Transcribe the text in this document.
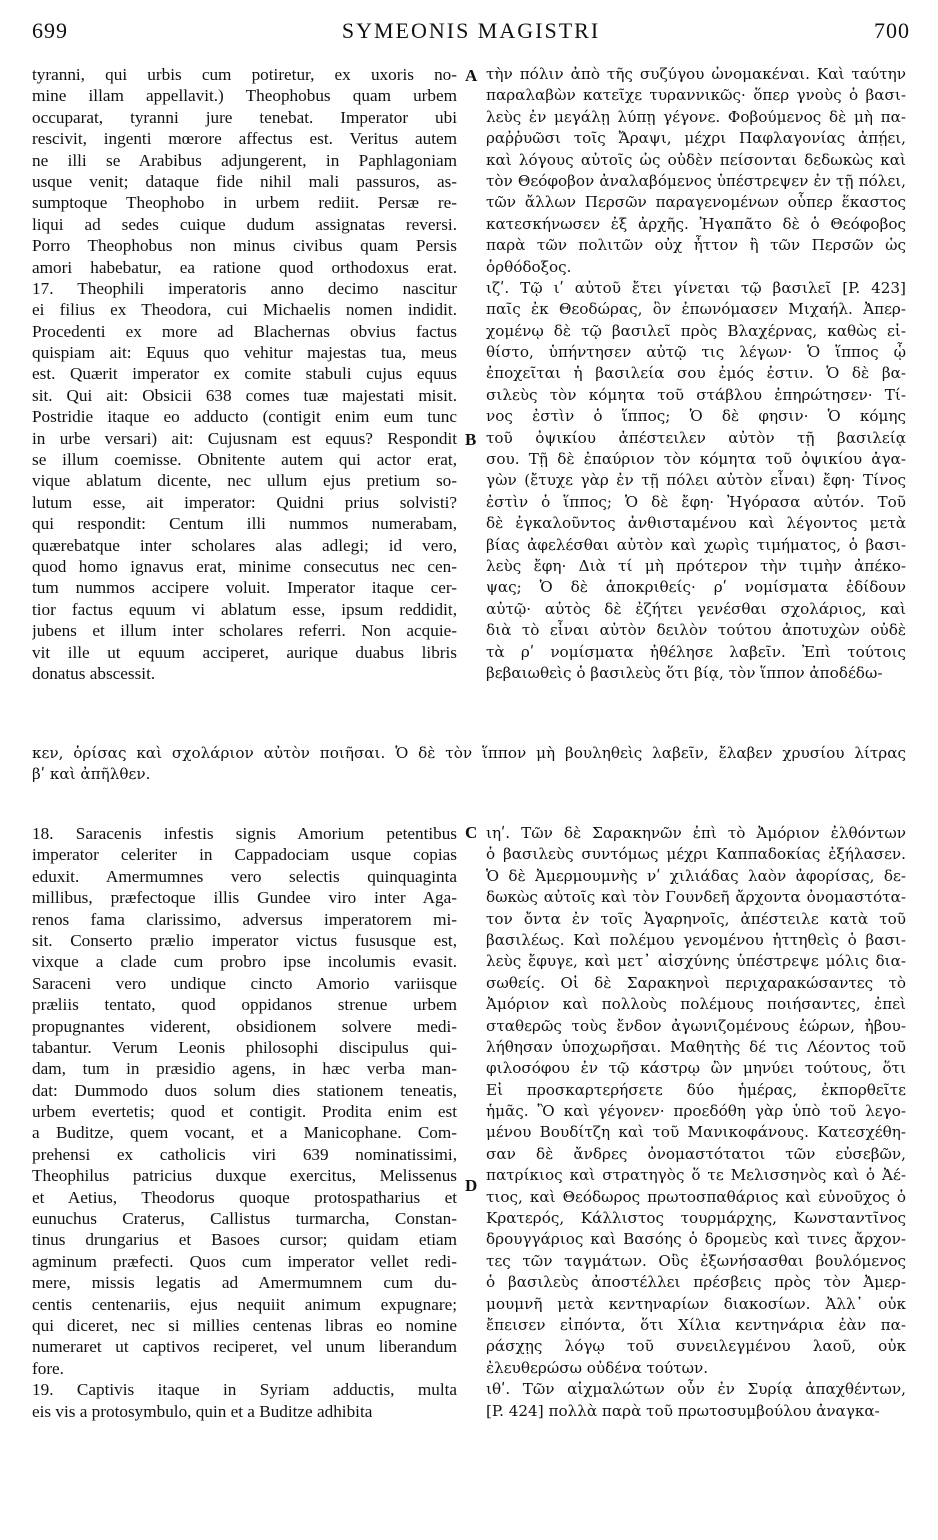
699	SYMEONIS MAGISTRI	700
A
B
C
D
tyranni, qui urbis cum potiretur, ex uxoris no-
mine illam appellavit.) Theophobus quam urbem
occuparat, tyranni jure tenebat. Imperator ubi
rescivit, ingenti mœrore affectus est. Veritus autem
ne illi se Arabibus adjungerent, in Paphlagoniam
usque venit; dataque fide nihil mali passuros, as-
sumptoque Theophobo in urbem rediit. Persæ re-
liqui ad sedes cuique dudum assignatas reversi.
Porro Theophobus non minus civibus quam Persis
amori habebatur, ea ratione quod orthodoxus erat.
17. Theophili imperatoris anno decimo nascitur
ei filius ex Theodora, cui Michaelis nomen indidit.
Procedenti ex more ad Blachernas obvius factus
quispiam ait: Equus quo vehitur majestas tua, meus
est. Quærit imperator ex comite stabuli cujus equus
sit. Qui ait: Obsicii 638 comes tuæ majestati misit.
Postridie itaque eo adducto (contigit enim eum tunc
in urbe versari) ait: Cujusnam est equus? Respondit
se illum coemisse. Obnitente autem qui actor erat,
vique ablatum dicente, nec ullum ejus pretium so-
lutum esse, ait imperator: Quidni prius solvisti?
qui respondit: Centum illi nummos numerabam,
quærebatque inter scholares alas adlegi; id vero,
quod homo ignavus erat, minime consecutus nec cen-
tum nummos accipere voluit. Imperator itaque cer-
tior factus equum vi ablatum esse, ipsum reddidit,
jubens et illum inter scholares referri. Non acquie-
vit ille ut equum acciperet, aurique duabus libris
donatus abscessit.
τὴν πόλιν ἀπὸ τῆς συζύγου ὠνομακέναι. Καὶ ταύτην
παραλαβὼν κατεῖχε τυραννικῶς· ὅπερ γνοὺς ὁ βασι-
λεὺς ἐν μεγάλῃ λύπῃ γέγονε. Φοβούμενος δὲ μὴ πα-
ραῤῥυῶσι τοῖς Ἄραψι, μέχρι Παφλαγονίας ἀπῄει,
καὶ λόγους αὐτοῖς ὡς οὐδὲν πείσονται δεδωκὼς καὶ
τὸν Θεόφοβον ἀναλαβόμενος ὑπέστρεψεν ἐν τῇ πόλει,
τῶν ἄλλων Περσῶν παραγενομένων οὗπερ ἕκαστος
κατεσκήνωσεν ἐξ ἀρχῆς. Ἠγαπᾶτο δὲ ὁ Θεόφοβος
παρὰ τῶν πολιτῶν οὐχ ἧττον ἢ τῶν Περσῶν ὡς
ὀρθόδοξος.
ιζʹ. Τῷ ιʹ αὐτοῦ ἔτει γίνεται τῷ βασιλεῖ [P. 423]
παῖς ἐκ Θεοδώρας, ὃν ἐπωνόμασεν Μιχαήλ. Ἀπερ-
χομένῳ δὲ τῷ βασιλεῖ πρὸς Βλαχέρνας, καθὼς εἰ-
θίστο, ὑπήντησεν αὐτῷ τις λέγων· Ὁ ἵππος ᾧ
ἐποχεῖται ἡ βασιλεία σου ἐμός ἐστιν. Ὁ δὲ βα-
σιλεὺς τὸν κόμητα τοῦ στάβλου ἐπηρώτησεν· Τί-
νος ἐστὶν ὁ ἵππος; Ὁ δὲ φησιν· Ὁ κόμης
τοῦ ὀψικίου ἀπέστειλεν αὐτὸν τῇ βασιλείᾳ
σου. Τῇ δὲ ἐπαύριον τὸν κόμητα τοῦ ὀψικίου ἀγα-
γὼν (ἔτυχε γὰρ ἐν τῇ πόλει αὐτὸν εἶναι) ἔφη· Τίνος
ἐστὶν ὁ ἵππος; Ὁ δὲ ἔφη· Ἠγόρασα αὐτόν. Τοῦ
δὲ ἐγκαλοῦντος ἀνθισταμένου καὶ λέγοντος μετὰ
βίας ἀφελέσθαι αὐτὸν καὶ χωρὶς τιμήματος, ὁ βασι-
λεὺς ἔφη· Διὰ τί μὴ πρότερον τὴν τιμὴν ἀπέκο-
ψας; Ὁ δὲ ἀποκριθείς· ρʹ νομίσματα ἐδίδουν
αὐτῷ· αὐτὸς δὲ ἐζήτει γενέσθαι σχολάριος, καὶ
διὰ τὸ εἶναι αὐτὸν δειλὸν τούτου ἀποτυχὼν οὐδὲ
τὰ ρʹ νομίσματα ἠθέλησε λαβεῖν. Ἐπὶ τούτοις
βεβαιωθεὶς ὁ βασιλεὺς ὅτι βίᾳ, τὸν ἵππον ἀποδέδω-
κεν, ὁρίσας καὶ σχολάριον αὐτὸν ποιῆσαι. Ὁ δὲ τὸν ἵππον μὴ βουληθεὶς λαβεῖν, ἔλαβεν χρυσίου λίτρας
βʹ καὶ ἀπῆλθεν.
18. Saracenis infestis signis Amorium petentibus
imperator celeriter in Cappadociam usque copias
eduxit. Amermumnes vero selectis quinquaginta
millibus, præfectoque illis Gundee viro inter Aga-
renos fama clarissimo, adversus imperatorem mi-
sit. Conserto prælio imperator victus fususque est,
vixque a clade cum probro ipse incolumis evasit.
Saraceni vero undique cincto Amorio variisque
præliis tentato, quod oppidanos strenue urbem
propugnantes viderent, obsidionem solvere medi-
tabantur. Verum Leonis philosophi discipulus qui-
dam, tum in præsidio agens, in hæc verba man-
dat: Dummodo duos solum dies stationem teneatis,
urbem evertetis; quod et contigit. Prodita enim est
a Buditze, quem vocant, et a Manicophane. Com-
prehensi ex catholicis viri 639 nominatissimi,
Theophilus patricius duxque exercitus, Melissenus
et Aetius, Theodorus quoque protospatharius et
eunuchus Craterus, Callistus turmarcha, Constan-
tinus drungarius et Basoes cursor; quidam etiam
agminum præfecti. Quos cum imperator vellet redi-
mere, missis legatis ad Amermumnem cum du-
centis centenariis, ejus nequiit animum expugnare;
qui diceret, nec si millies centenas libras eo nomine
numeraret ut captivos reciperet, vel unum liberandum
fore.
19. Captivis itaque in Syriam adductis, multa
eis vis a protosymbulo, quin et a Buditze adhibita
ιηʹ. Τῶν δὲ Σαρακηνῶν ἐπὶ τὸ Ἀμόριον ἐλθόντων
ὁ βασιλεὺς συντόμως μέχρι Καππαδοκίας ἐξήλασεν.
Ὁ δὲ Ἀμερμουμνὴς νʹ χιλιάδας λαὸν ἀφορίσας, δε-
δωκὼς αὐτοῖς καὶ τὸν Γουνδεῆ ἄρχοντα ὀνομαστότα-
τον ὄντα ἐν τοῖς Ἀγαρηνοῖς, ἀπέστειλε κατὰ τοῦ
βασιλέως. Καὶ πολέμου γενομένου ἡττηθεὶς ὁ βασι-
λεὺς ἔφυγε, καὶ μετ᾽ αἰσχύνης ὑπέστρεψε μόλις δια-
σωθείς. Οἱ δὲ Σαρακηνοὶ περιχαρακώσαντες τὸ
Ἀμόριον καὶ πολλοὺς πολέμους ποιήσαντες, ἐπεὶ
σταθερῶς τοὺς ἔνδον ἀγωνιζομένους ἑώρων, ἠβου-
λήθησαν ὑποχωρῆσαι. Μαθητὴς δέ τις Λέοντος τοῦ
φιλοσόφου ἐν τῷ κάστρῳ ὢν μηνύει τούτους, ὅτι
Εἰ προσκαρτερήσετε δύο ἡμέρας, ἐκπορθεῖτε
ἡμᾶς. Ὃ καὶ γέγονεν· προεδόθη γὰρ ὑπὸ τοῦ λεγο-
μένου Βουδίτζη καὶ τοῦ Μανικοφάνους. Κατεσχέθη-
σαν δὲ ἄνδρες ὀνομαστότατοι τῶν εὐσεβῶν,
πατρίκιος καὶ στρατηγὸς ὅ τε Μελισσηνὸς καὶ ὁ Ἀέ-
τιος, καὶ Θεόδωρος πρωτοσπαθάριος καὶ εὐνοῦχος ὁ
Κρατερός, Κάλλιστος τουρμάρχης, Κωνσταντῖνος
δρουγγάριος καὶ Βασόης ὁ δρομεὺς καὶ τινες ἄρχον-
τες τῶν ταγμάτων. Οὓς ἐξωνήσασθαι βουλόμενος
ὁ βασιλεὺς ἀποστέλλει πρέσβεις πρὸς τὸν Ἀμερ-
μουμνῆ μετὰ κεντηναρίων διακοσίων. Ἀλλ᾽ οὐκ
ἔπεισεν εἰπόντα, ὅτι Χίλια κεντηνάρια ἐὰν πα-
ράσχῃς λόγῳ τοῦ συνειλεγμένου λαοῦ, οὐκ
ἐλευθερώσω οὐδένα τούτων.
ιθʹ. Τῶν αἰχμαλώτων οὖν ἐν Συρίᾳ ἀπαχθέντων,
[P. 424] πολλὰ παρὰ τοῦ πρωτοσυμβούλου ἀναγκα-
